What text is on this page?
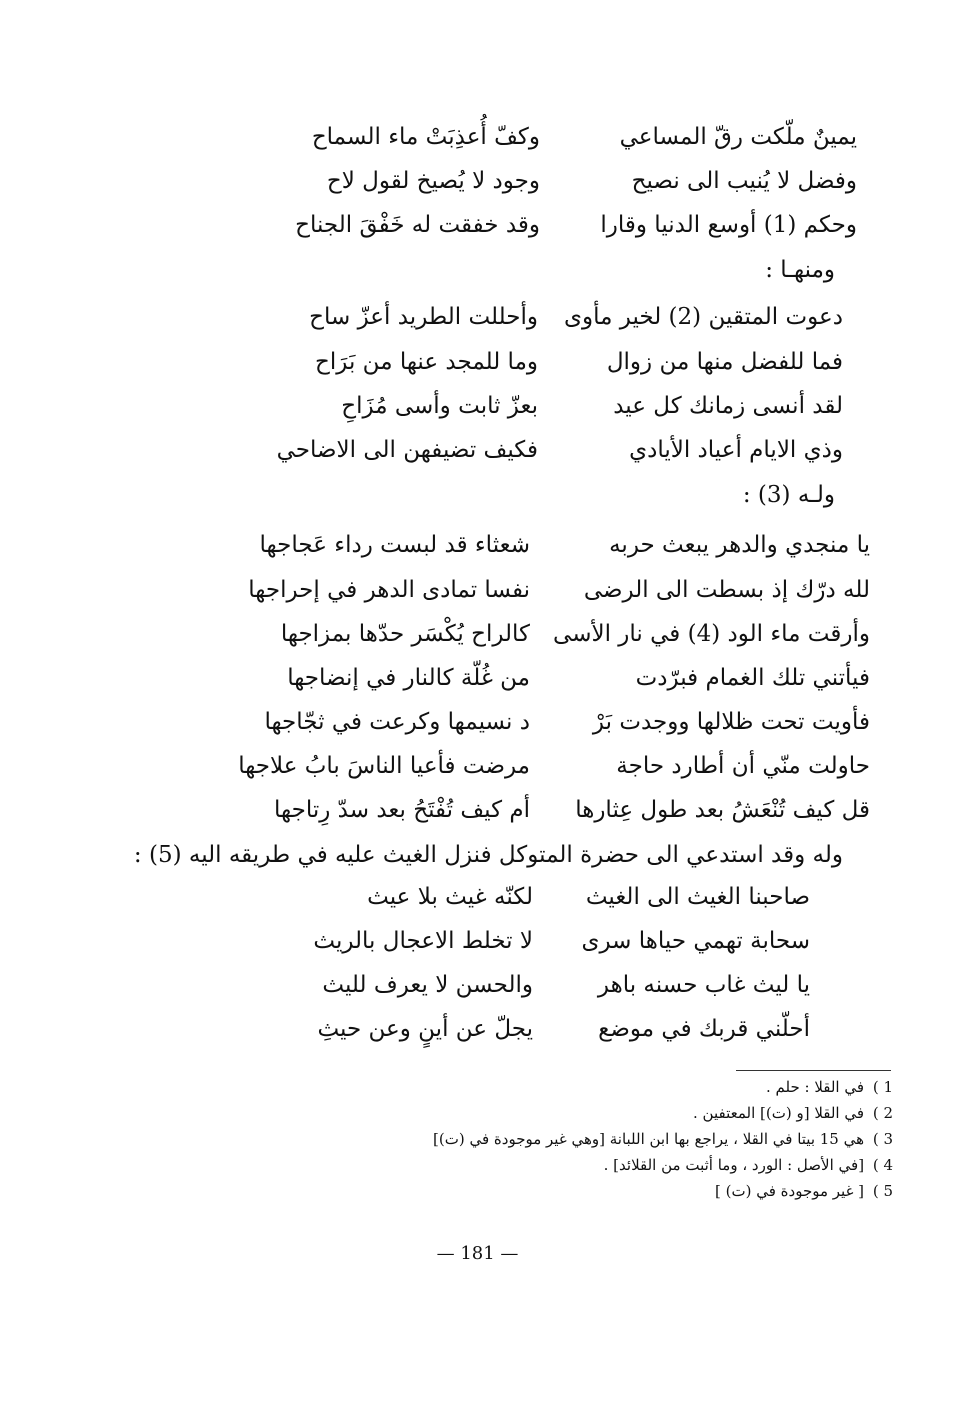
يمينٌ ملّكت رقّ المساعي
وكفّ أُعذِبَتْ ماء السماح
وفضل لا يُنيب الى نصيح
وجود لا يُصيخ لقول لاح
وحكم (1) أوسع الدنيا وقارا
وقد خفقت له خَفْقَ الجناح
ومنهـا :
دعوت المتقين (2) لخير مأوى
وأحللت الطريد أعزّ ساح
فما للفضل منها من زوال
وما للمجد عنها من بَرَاح
لقد أنسى زمانك كل عيد
بعزّ ثابت وأسى مُزَاحِ
وذي الايام أعياد الأيادي
فكيف تضيفهن الى الاضاحي
ولـه (3) :
يا منجدي والدهر يبعث حربه
شعثاء قد لبست رداء عَجاجها
لله درّك إذ بسطت الى الرضى
نفسا تمادى الدهر في إحراجها
وأرقت ماء الود (4) في نار الأسى
كالراح يُكْسَر حدّها بمزاجها
فيأتني تلك الغمام فبرّدت
من غُلّة كالنار في إنضاجها
فأويت تحت ظلالها ووجدت بَرْ
د نسيمها وكرعت في ثجّاجها
حاولت منّي أن أطارد حاجة
مرضت فأعيا الناسَ بابُ علاجها
قل كيف تُنْعَشُ بعد طول عِثارها
أم كيف تُفْتَحُ بعد سدّ رِتاجها
وله وقد استدعي الى حضرة المتوكل فنزل الغيث عليه في طريقه اليه (5) :
صاحبنا الغيث الى الغيث
لكنّه غيث بلا عيث
سحابة تهمي حياها سرى
لا تخلط الاعجال بالريث
يا ليث غاب حسنه باهر
والحسن لا يعرف لليث
أحلّني قربك في موضع
يجلّ عن أينٍ وعن حيثِ
1 ) في القلا : حلم .
2 ) في القلا [و (ت)] المعتفين .
3 ) هي 15 بيتا في القلا ، يراجع بها ابن اللبانة [وهي غير موجودة في (ت)]
4 ) [في الأصل : الورد ، وما أثبت من القلائد] .
5 ) [ غير موجودة في (ت) ]
— 181 —
